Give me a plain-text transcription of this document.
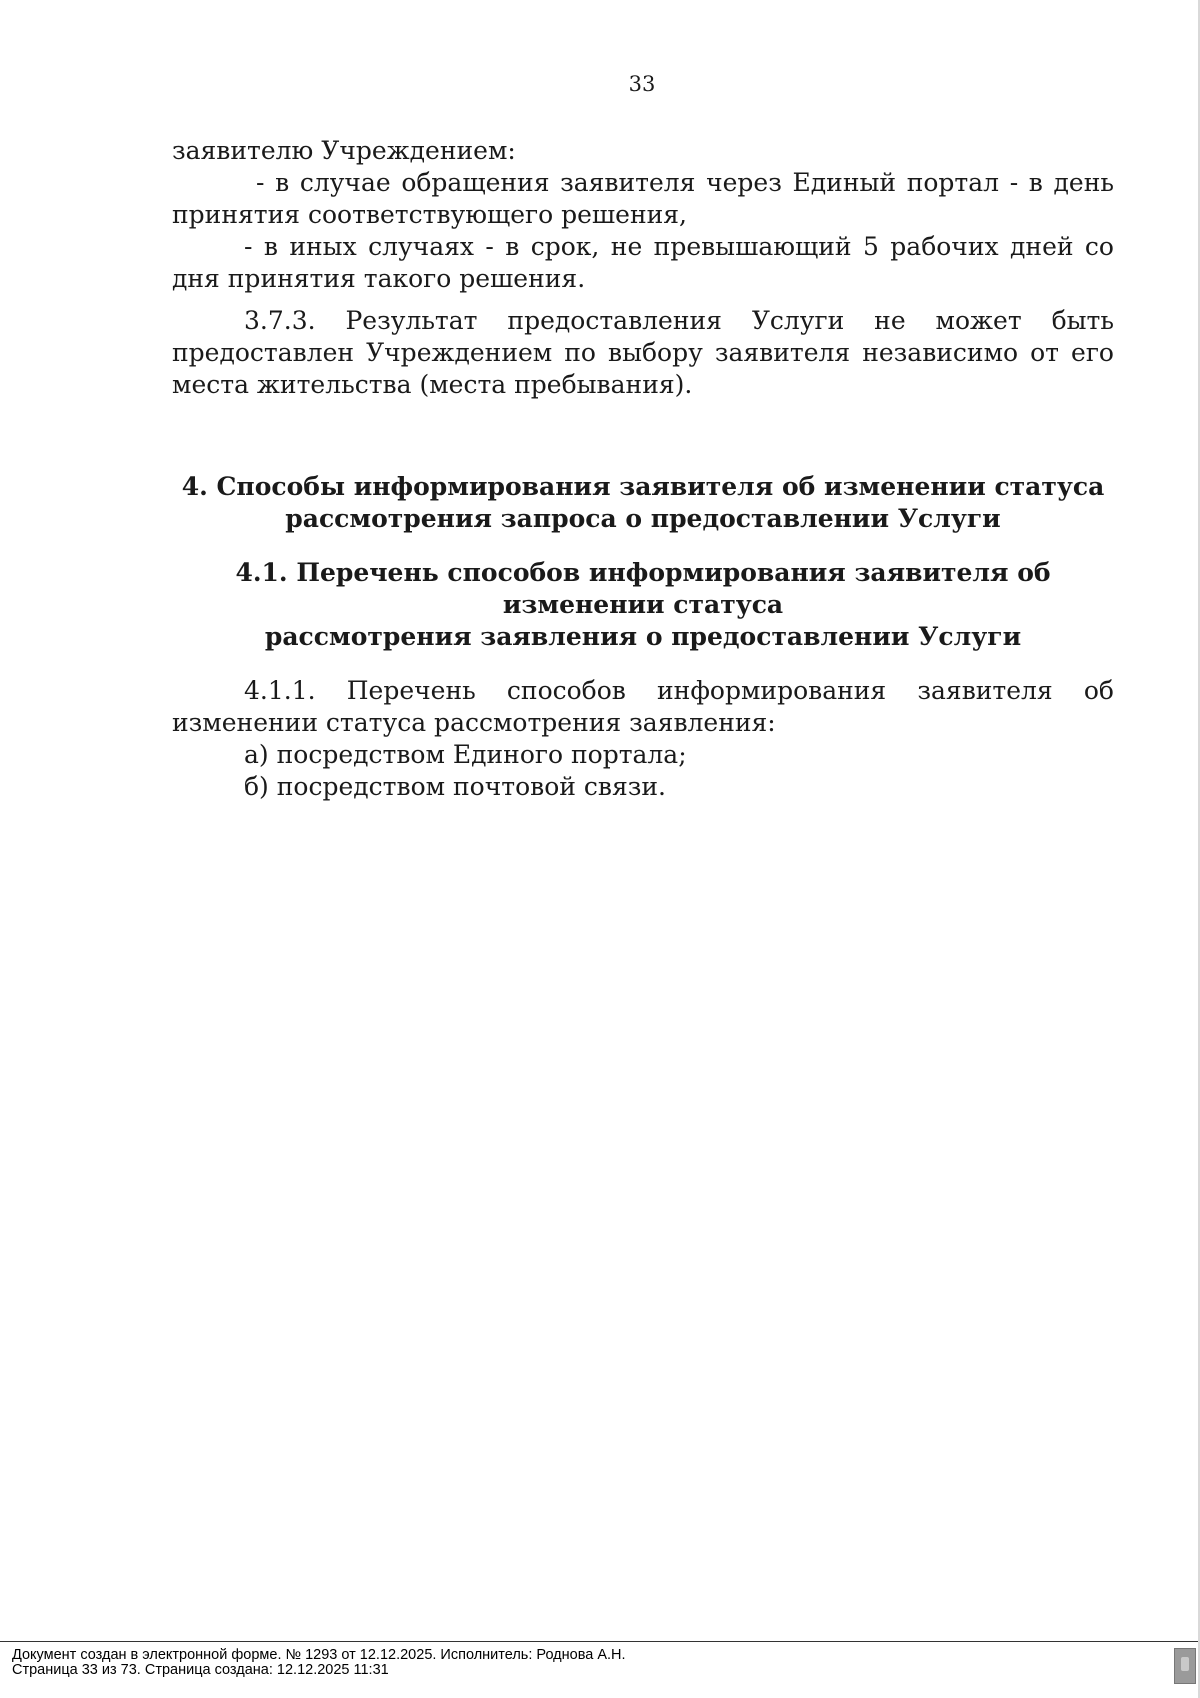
33

заявителю Учреждением:

- в случае обращения заявителя через Единый портал - в день принятия соответствующего решения,

- в иных случаях - в срок, не превышающий 5 рабочих дней со дня принятия такого решения.

3.7.3. Результат предоставления Услуги не может быть предоставлен Учреждением по выбору заявителя независимо от его места жительства (места пребывания).

4. Способы информирования заявителя об изменении статуса

рассмотрения запроса о предоставлении Услуги

4.1. Перечень способов информирования заявителя об изменении статуса

рассмотрения заявления о предоставлении Услуги

4.1.1. Перечень способов информирования заявителя об изменении статуса рассмотрения заявления:

а) посредством Единого портала;

б) посредством почтовой связи.

Документ создан в электронной форме. № 1293 от 12.12.2025. Исполнитель: Роднова А.Н.
Страница 33 из 73. Страница создана: 12.12.2025 11:31
